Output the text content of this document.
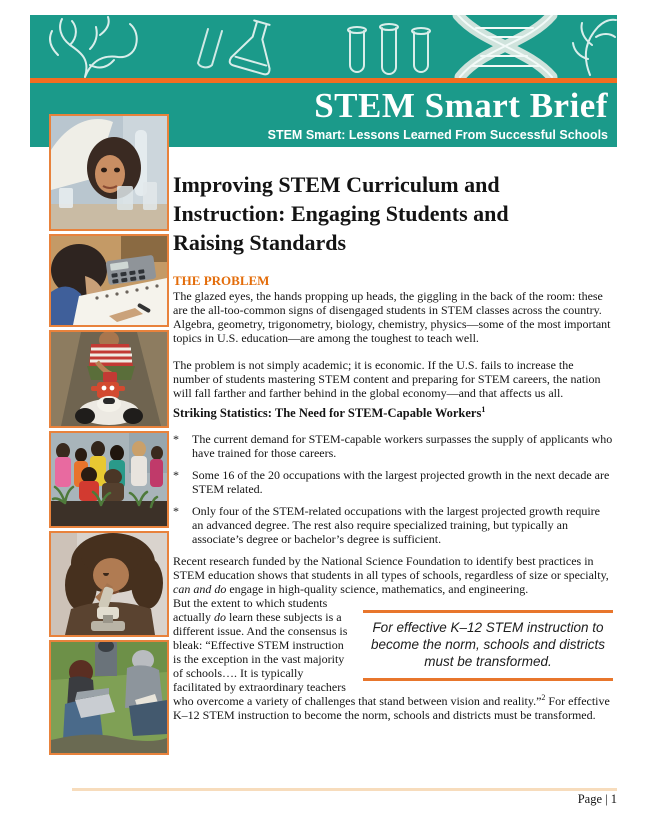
STEM Smart Brief
STEM Smart: Lessons Learned From Successful Schools
Improving STEM Curriculum and
Instruction: Engaging Students and
Raising Standards
THE PROBLEM

The glazed eyes, the hands propping up heads, the giggling in the back of the room: these are the all-too-common signs of disengaged students in STEM classes across the country. Algebra, geometry, trigonometry, biology, chemistry, physics—some of the most important topics in U.S. education—are among the toughest to teach well.

The problem is not simply academic; it is economic. If the U.S. fails to increase the number of students mastering STEM content and preparing for STEM careers, the nation will fall farther and farther behind in the global economy—and that affects us all.

Striking Statistics: The Need for STEM-Capable Workers$^1$
*	The current demand for STEM-capable workers surpasses the supply of applicants who have trained for those careers.
*	Some 16 of the 20 occupations with the largest projected growth in the next decade are STEM related.
*	Only four of the STEM-related occupations with the largest projected growth require an advanced degree. The rest also require specialized training, but typically an associate’s degree or bachelor’s degree is sufficient.

Recent research funded by the National Science Foundation to identify best practices in STEM education shows that students in all types of schools, regardless of size or specialty, can and do engage in high-quality science, mathematics, and engineering.

For effective K–12 STEM instruction to become the norm, schools and districts must be transformed.

But the extent to which students actually do learn these subjects is a different issue. And the consensus is bleak: “Effective STEM instruction is the exception in the vast majority of schools…. It is typically facilitated by extraordinary teachers who overcome a variety of challenges that stand between vision and reality.”$^2$ For effective K–12 STEM instruction to become the norm, schools and districts must be transformed.
Page | 1
